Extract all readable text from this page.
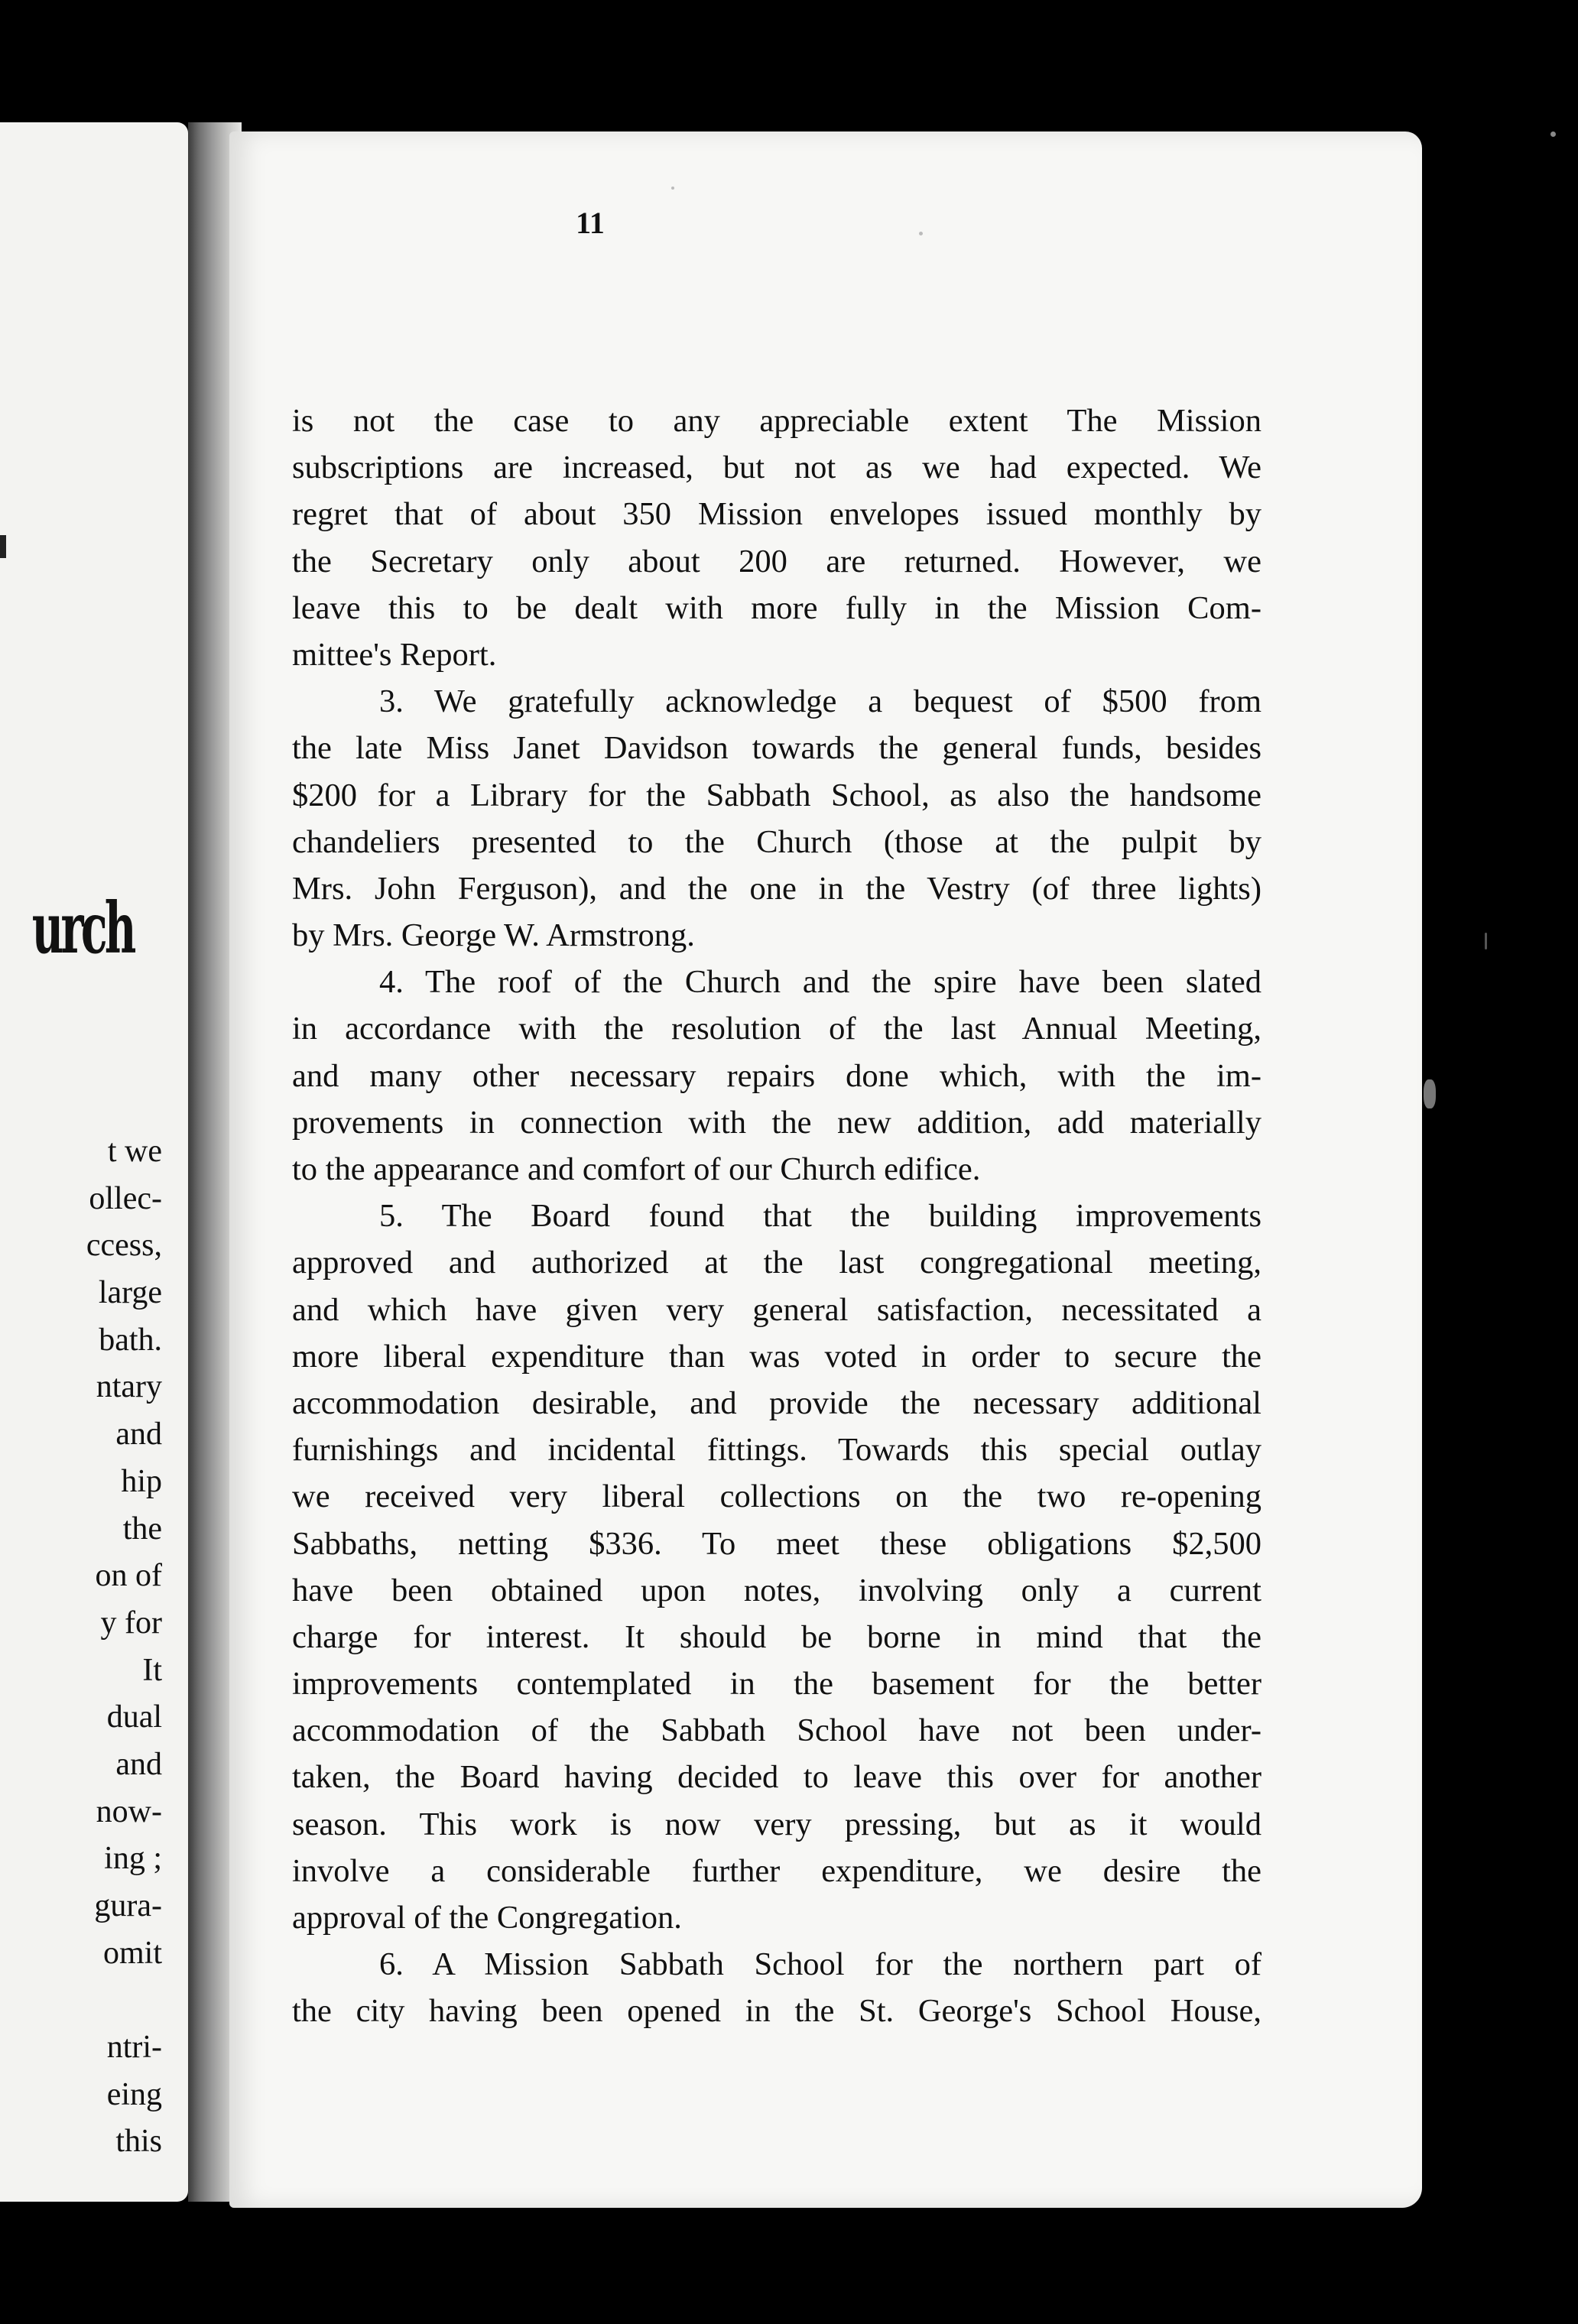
urch
t we
ollec-
ccess,
large
bath.
ntary
and
hip
the
on of
y for
It
dual
and
now-
ing ;
gura-
omit
ntri-
eing
this
11
is not the case to any appreciable extent The Mission
subscriptions are increased, but not as we had expected. We
regret that of about 350 Mission envelopes issued monthly by
the Secretary only about 200 are returned. However, we
leave this to be dealt with more fully in the Mission Com-
mittee's Report.
3. We gratefully acknowledge a bequest of $500 from
the late Miss Janet Davidson towards the general funds, besides
$200 for a Library for the Sabbath School, as also the handsome
chandeliers presented to the Church (those at the pulpit by
Mrs. John Ferguson), and the one in the Vestry (of three lights)
by Mrs. George W. Armstrong.
4. The roof of the Church and the spire have been slated
in accordance with the resolution of the last Annual Meeting,
and many other necessary repairs done which, with the im-
provements in connection with the new addition, add materially
to the appearance and comfort of our Church edifice.
5. The Board found that the building improvements
approved and authorized at the last congregational meeting,
and which have given very general satisfaction, necessitated a
more liberal expenditure than was voted in order to secure the
accommodation desirable, and provide the necessary additional
furnishings and incidental fittings. Towards this special outlay
we received very liberal collections on the two re-opening
Sabbaths, netting $336. To meet these obligations $2,500
have been obtained upon notes, involving only a current
charge for interest. It should be borne in mind that the
improvements contemplated in the basement for the better
accommodation of the Sabbath School have not been under-
taken, the Board having decided to leave this over for another
season. This work is now very pressing, but as it would
involve a considerable further expenditure, we desire the
approval of the Congregation.
6. A Mission Sabbath School for the northern part of
the city having been opened in the St. George's School House,
